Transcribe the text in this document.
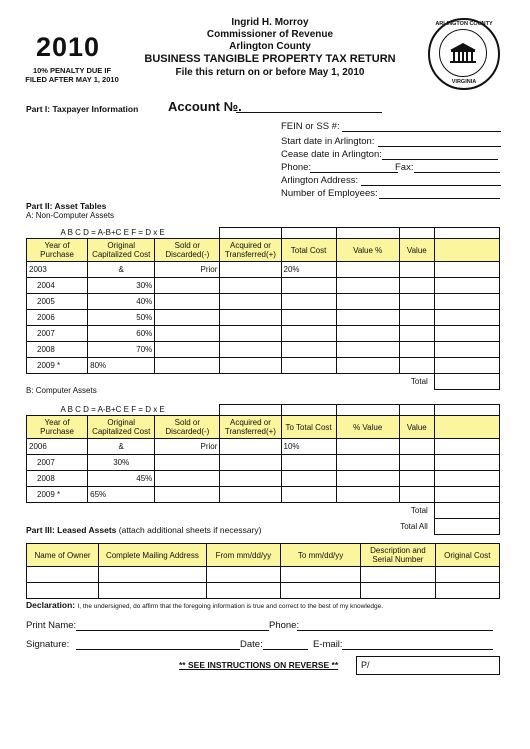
2010
10% PENALTY DUE IF
FILED AFTER MAY 1, 2010
Ingrid H. Morroy
Commissioner of Revenue
Arlington County
BUSINESS TANGIBLE PROPERTY TAX RETURN
File this return on or before May 1, 2010
ARLINGTON COUNTY
VIRGINIA
Part I: Taxpayer Information Account №.
FEIN or SS #:
Start date in Arlington:
Cease date in Arlington:
Phone:	Fax:
Arlington Address:
Number of Employees:
Part II: Asset Tables
A: Non-Computer Assets
A B C D = A-B+C E F = D x E							
Year of Purchase	Original Capitalized Cost	Sold or Discarded(-)	Acquired or Transferred(+)	Total Cost	Value %	Value	
2003	&	Prior		20%			
2004	30%						
2005	40%						
2006	50%						
2007	60%						
2008	70%						
2009 *	80%						
Total							
B: Computer Assets
A B C D = A-B+C E F = D x E							
Year of Purchase	Original Capitalized Cost	Sold or Discarded(-)	Acquired or Transferred(+)	To Total Cost	% Value	Value	
2006	&	Prior		10%			
2007	30%						
2008	45%						
2009 *	65%						
Total							
Total All							
Part III: Leased Assets (attach additional sheets if necessary)
Name of Owner	Complete Mailing Address	From mm/dd/yy	To mm/dd/yy	Description and Serial Number	Original Cost

Declaration: I, the undersigned, do affirm that the foregoing information is true and correct to the best of my knowledge.
Print Name:	Phone:
Signature:	Date:	E-mail:
** SEE INSTRUCTIONS ON REVERSE **	P/
